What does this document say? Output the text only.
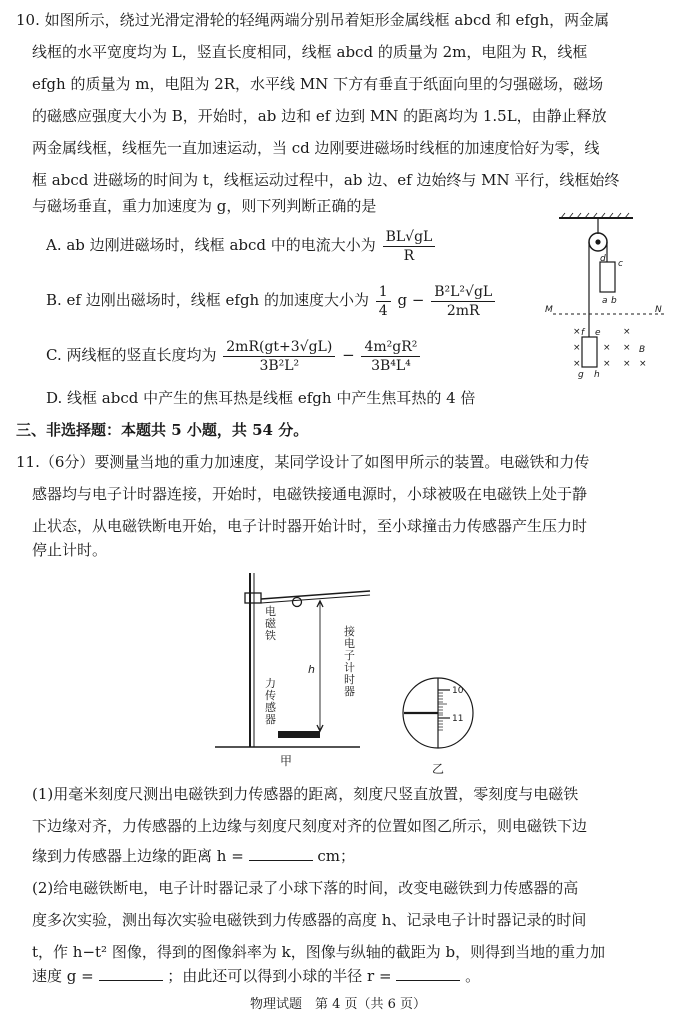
10. 如图所示，绕过光滑定滑轮的轻绳两端分别吊着矩形金属线框 abcd 和 efgh，两金属
线框的水平宽度均为 L，竖直长度相同，线框 abcd 的质量为 2m，电阻为 R，线框
efgh 的质量为 m，电阻为 2R，水平线 MN 下方有垂直于纸面向里的匀强磁场，磁场
的磁感应强度大小为 B，开始时，ab 边和 ef 边到 MN 的距离均为 1.5L，由静止释放
两金属线框，线框先一直加速运动，当 cd 边刚要进磁场时线框的加速度恰好为零，线
框 abcd 进磁场的时间为 t，线框运动过程中，ab 边、ef 边始终与 MN 平行，线框始终
与磁场垂直，重力加速度为 g，则下列判断正确的是
A. ab 边刚进磁场时，线框 abcd 中的电流大小为 $\frac{BL√gL}{R}$
B. ef 边刚出磁场时，线框 efgh 的加速度大小为 $\frac{1}{4}$ $g - \frac{\text{B²L²√gL}}{2mR}$
C. 两线框的竖直长度均为 $\frac{2mR(gt+3√gL)}{\text{3B²L²}} - \frac{\text{4m²gR²}}{\text{3B⁴L⁴}}$
D. 线框 abcd 中产生的焦耳热是线框 efgh 中产生焦耳热的 4 倍
d c
a b
M	N
f e
g h
B
×	×
× × ×
× × × ×
三、非选择题：本题共 5 小题，共 54 分。
11.（6分）要测量当地的重力加速度，某同学设计了如图甲所示的装置。电磁铁和力传
感器均与电子计时器连接，开始时，电磁铁接通电源时，小球被吸在电磁铁上处于静
止状态，从电磁铁断电开始，电子计时器开始计时，至小球撞击力传感器产生压力时
停止计时。
电
磁
铁	接
电
子
计
时
器
力
传
感
器
h
甲
10
11
乙
(1)用毫米刻度尺测出电磁铁到力传感器的距离，刻度尺竖直放置，零刻度与电磁铁
下边缘对齐，力传感器的上边缘与刻度尺刻度对齐的位置如图乙所示，则电磁铁下边
缘到力传感器上边缘的距离 h =	cm；
(2)给电磁铁断电，电子计时器记录了小球下落的时间，改变电磁铁到力传感器的高
度多次实验，测出每次实验电磁铁到力传感器的高度 h、记录电子计时器记录的时间
t，作 h−t² 图像，得到的图像斜率为 k，图像与纵轴的截距为 b，则得到当地的重力加
速度 g =	；由此还可以得到小球的半径 r =	。
物理试题　第 4 页（共 6 页）
